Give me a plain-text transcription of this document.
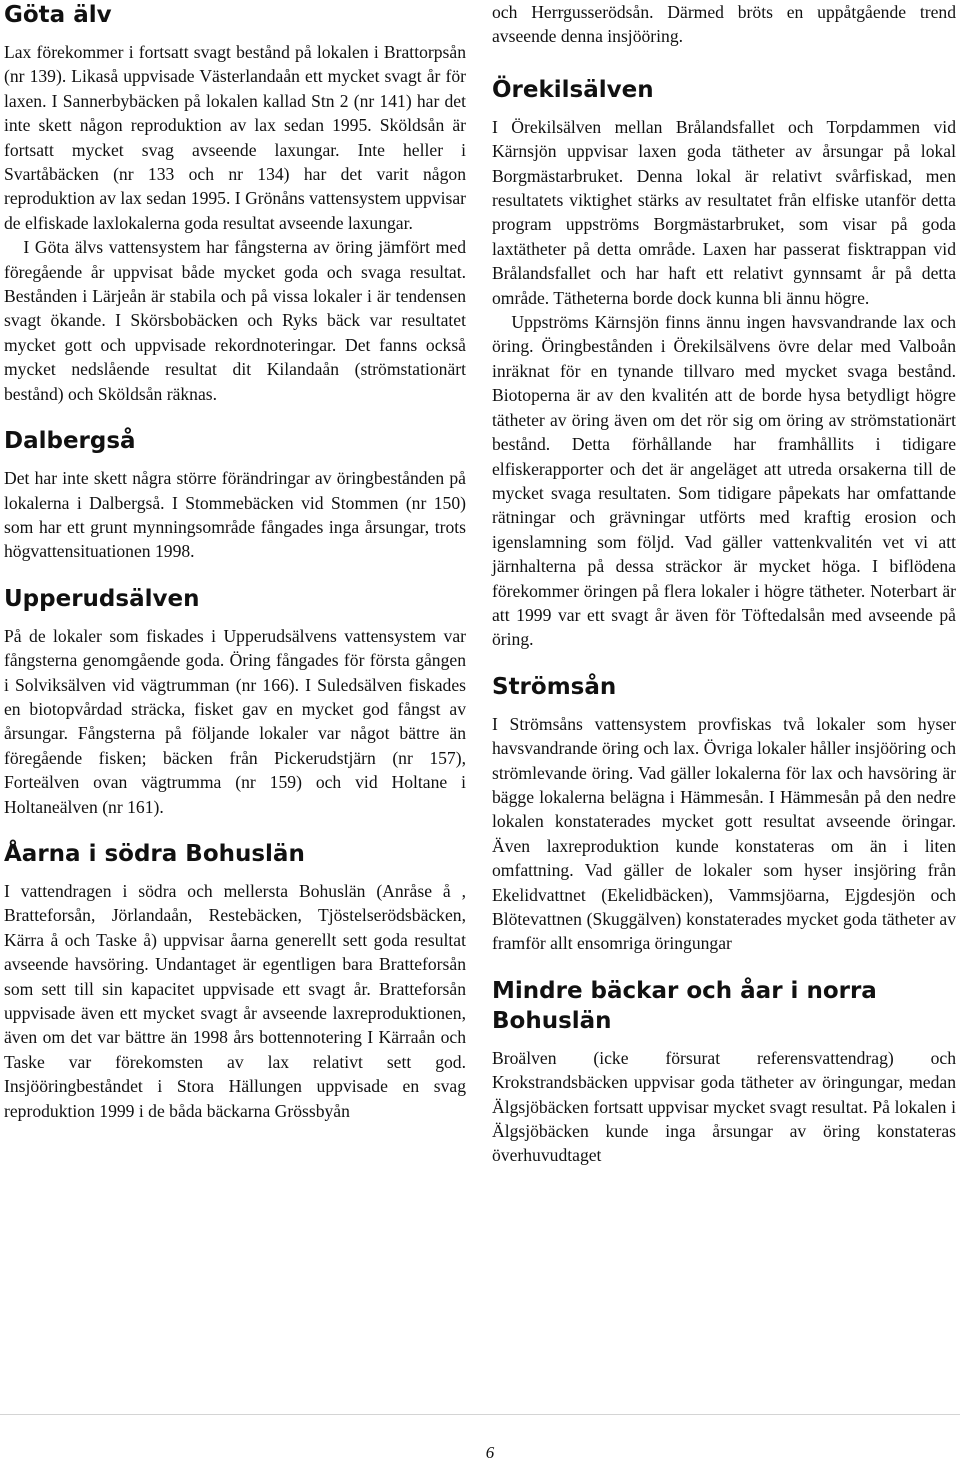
Göta älv

Lax förekommer i fortsatt svagt bestånd på lokalen i Brattorpsån (nr 139). Likaså uppvisade Västerlandaån ett mycket svagt år för laxen. I Sannerbybäcken på lokalen kallad Stn 2 (nr 141) har det inte skett någon reproduktion av lax sedan 1995. Sköldsån är fortsatt mycket svag avseende laxungar. Inte heller i Svartåbäcken (nr 133 och nr 134) har det varit någon reproduktion av lax sedan 1995. I Grönåns vattensystem uppvisar de elfiskade laxlokalerna goda resultat avseende laxungar.

I Göta älvs vattensystem har fångsterna av öring jämfört med föregående år uppvisat både mycket goda och svaga resultat. Bestånden i Lärjeån är stabila och på vissa lokaler i är tendensen svagt ökande. I Skörsbobäcken och Ryks bäck var resultatet mycket gott och uppvisade rekordnoteringar. Det fanns också mycket nedslående resultat dit Kilandaån (strömstationärt bestånd) och Sköldsån räknas.

Dalbergså

Det har inte skett några större förändringar av öringbestånden på lokalerna i Dalbergså. I Stommebäcken vid Stommen (nr 150) som har ett grunt mynningsområde fångades inga årsungar, trots högvattensituationen 1998.

Upperudsälven

På de lokaler som fiskades i Upperudsälvens vattensystem var fångsterna genomgående goda. Öring fångades för första gången i Solviksälven vid vägtrumman (nr 166). I Suledsälven fiskades en biotopvårdad sträcka, fisket gav en mycket god fångst av årsungar. Fångsterna på följande lokaler var något bättre än föregående fisken; bäcken från Pickerudstjärn (nr 157), Forteälven ovan vägtrumma (nr 159) och vid Holtane i Holtaneälven (nr 161).

Åarna i södra Bohuslän

I vattendragen i södra och mellersta Bohuslän (Anråse å , Bratteforsån, Jörlandaån, Restebäcken, Tjöstelserödsbäcken, Kärra å och Taske å) uppvisar åarna generellt sett goda resultat avseende havsöring. Undantaget är egentligen bara Bratteforsån som sett till sin kapacitet uppvisade ett svagt år. Bratteforsån uppvisade även ett mycket svagt år avseende laxreproduktionen, även om det var bättre än 1998 års bottennotering I Kärraån och Taske var förekomsten av lax relativt sett god. Insjööringbeståndet i Stora Hällungen uppvisade en svag reproduktion 1999 i de båda bäckarna Grössbyån

och Herrgusserödsån. Därmed bröts en uppåtgående trend avseende denna insjööring.

Örekilsälven

I Örekilsälven mellan Brålandsfallet och Torpdammen vid Kärnsjön uppvisar laxen goda tätheter av årsungar på lokal Borgmästarbruket. Denna lokal är relativt svårfiskad, men resultatets viktighet stärks av resultatet från elfiske utanför detta program uppströms Borgmästarbruket, som visar på goda laxtätheter på detta område. Laxen har passerat fisktrappan vid Brålandsfallet och har haft ett relativt gynnsamt år på detta område. Tätheterna borde dock kunna bli ännu högre.

Uppströms Kärnsjön finns ännu ingen havsvandrande lax och öring. Öringbestånden i Örekilsälvens övre delar med Valboån inräknat för en tynande tillvaro med mycket svaga bestånd. Biotoperna är av den kvalitén att de borde hysa betydligt högre tätheter av öring även om det rör sig om öring av strömstationärt bestånd. Detta förhållande har framhållits i tidigare elfiskerapporter och det är angeläget att utreda orsakerna till de mycket svaga resultaten. Som tidigare påpekats har omfattande rätningar och grävningar utförts med kraftig erosion och igenslamning som följd. Vad gäller vattenkvalitén vet vi att järnhalterna på dessa sträckor är mycket höga. I biflödena förekommer öringen på flera lokaler i högre tätheter. Noterbart är att 1999 var ett svagt år även för Töftedalsån med avseende på öring.

Strömsån

I Strömsåns vattensystem provfiskas två lokaler som hyser havsvandrande öring och lax. Övriga lokaler håller insjööring och strömlevande öring. Vad gäller lokalerna för lax och havsöring är bägge lokalerna belägna i Hämmesån. I Hämmesån på den nedre lokalen konstaterades mycket gott resultat avseende öringar. Även laxreproduktion kunde konstateras om än i liten omfattning. Vad gäller de lokaler som hyser insjöring från Ekelidvattnet (Ekelidbäcken), Vammsjöarna, Ejgdesjön och Blötevattnen (Skuggälven) konstaterades mycket goda tätheter av framför allt ensomriga öringungar

Mindre bäckar och åar i norra Bohuslän

Broälven (icke försurat referensvattendrag) och Krokstrandsbäcken uppvisar goda tätheter av öringungar, medan Älgsjöbäcken fortsatt uppvisar mycket svagt resultat. På lokalen i Älgsjöbäcken kunde inga årsungar av öring konstateras överhuvudtaget

6
